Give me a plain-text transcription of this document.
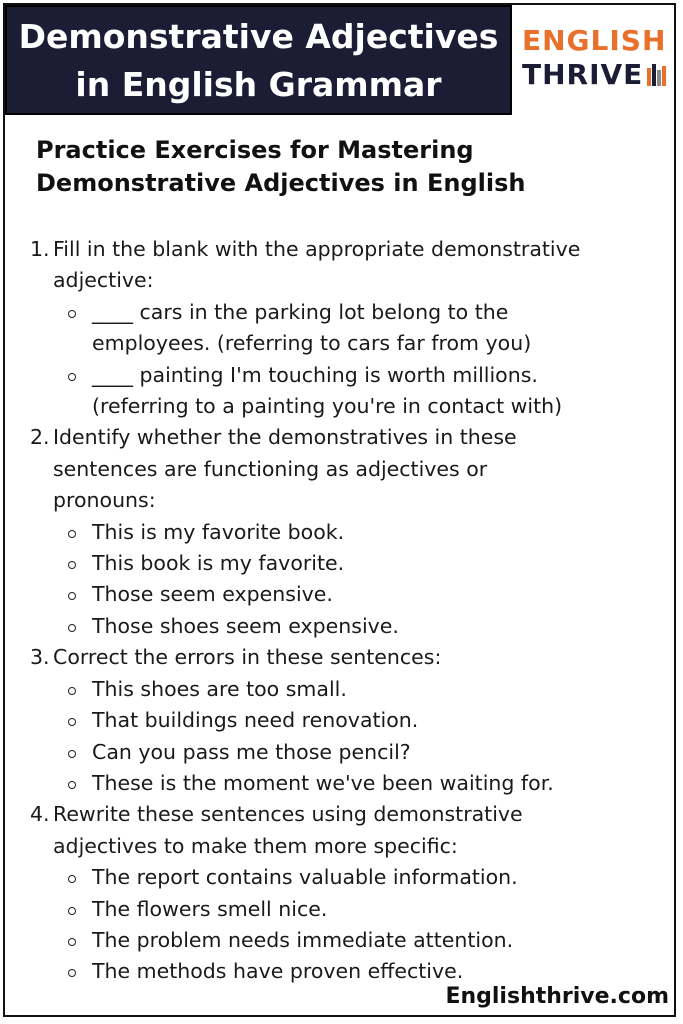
Demonstrative Adjectives
in English Grammar
ENGLISH
THRIVE
Practice Exercises for Mastering
Demonstrative Adjectives in English
1. Fill in the blank with the appropriate demonstrative
adjective:
____ cars in the parking lot belong to the
employees. (referring to cars far from you)
____ painting I'm touching is worth millions.
(referring to a painting you're in contact with)
2. Identify whether the demonstratives in these
sentences are functioning as adjectives or
pronouns:
This is my favorite book.
This book is my favorite.
Those seem expensive.
Those shoes seem expensive.
3. Correct the errors in these sentences:
This shoes are too small.
That buildings need renovation.
Can you pass me those pencil?
These is the moment we've been waiting for.
4. Rewrite these sentences using demonstrative
adjectives to make them more specific:
The report contains valuable information.
The flowers smell nice.
The problem needs immediate attention.
The methods have proven effective.
Englishthrive.com
